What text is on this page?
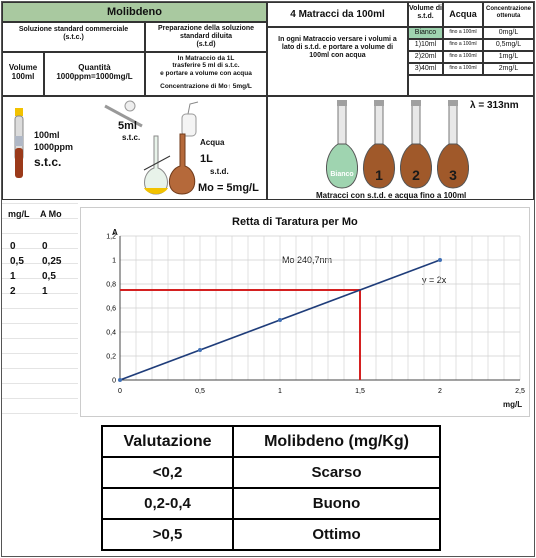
Molibdeno
Soluzione standard commerciale
(s.t.c.)
Preparazione della soluzione standard diluita
(s.t.d)
Volume
100ml
Quantità
1000ppm=1000mg/L
In Matraccio da 1L
trasferire 5 ml di s.t.c.
e portare a volume con acqua
Concentrazione di Mo↑ 5mg/L
4 Matracci da 100ml
In ogni Matraccio versare i volumi a lato di s.t.d. e portare a volume di 100ml con acqua
Volume di s.t.d.	Acqua
Concentrazione ottenuta
Bianco	fino a 100ml	0mg/L
1)10ml	fino a 100ml	0,5mg/L
2)20ml	fino a 100ml	1mg/L
3)40ml	fino a 100ml	2mg/L
100ml
1000ppm
s.t.c.
5ml
s.t.c.
Acqua
1L
s.t.d.
Mo = 5mg/L
λ = 313nm
Bianco 1 2 3
Matracci con s.t.d. e acqua fino a 100ml
mg/L A Mo
0	0
0,5 0,25
1	0,5
2	1
Retta di Taratura per Mo
A
mg/L
Mo 240,7nm
y = 2x
0	0,5	1	1,5	2	2,5
0
0,2
0,4
0,6
0,8
1
1,2
Valutazione	Molibdeno (mg/Kg)
<0,2	Scarso
0,2-0,4	Buono
>0,5	Ottimo
